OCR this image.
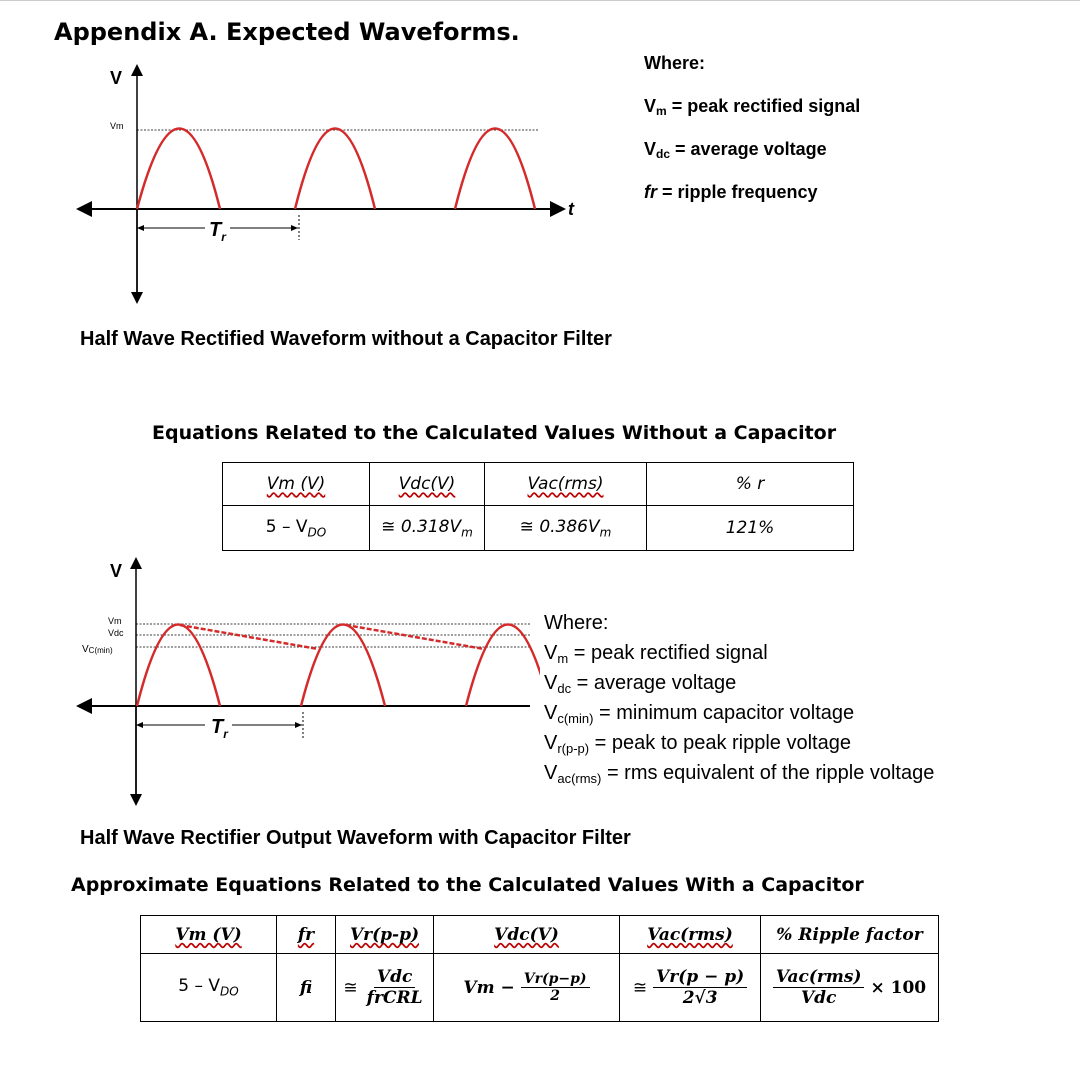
Appendix A. Expected Waveforms.
Where:
$V_m$ = peak rectified signal
$V_{dc}$ = average voltage
fr = ripple frequency
V
t
Vm
$T_r$
Half Wave Rectified Waveform without a Capacitor Filter
Equations Related to the Calculated Values Without a Capacitor
Vm (V)	Vdc(V)	Vac(rms)	% r
$5 - V_{DO}$	≅ $0.318V_m$	≅ $0.386V_m$	121%
V
Vm
Vdc
VC(min)
$T_r$
Where:
$V_m$ = peak rectified signal
$V_{dc}$ = average voltage
$V_{c(min)}$ = minimum capacitor voltage
$V_{r(p-p)}$ = peak to peak ripple voltage
$V_{ac(rms)}$ = rms equivalent of the ripple voltage
Half Wave Rectifier Output Waveform with Capacitor Filter
Approximate Equations Related to the Calculated Values With a Capacitor
Vm (V)	fr	Vr(p-p)	Vdc(V)	Vac(rms)	% Ripple factor
$5 - V_{DO}$	fi	≅ $\frac{\text{Vdc}}{\text{frCRL}}$	$Vm - \frac{Vr(p-p)}{2}$	≅ $\frac{Vr(p - p)}{2√3}$	$\frac{\text{Vac(rms)}}{\text{Vdc}} \times 100$
